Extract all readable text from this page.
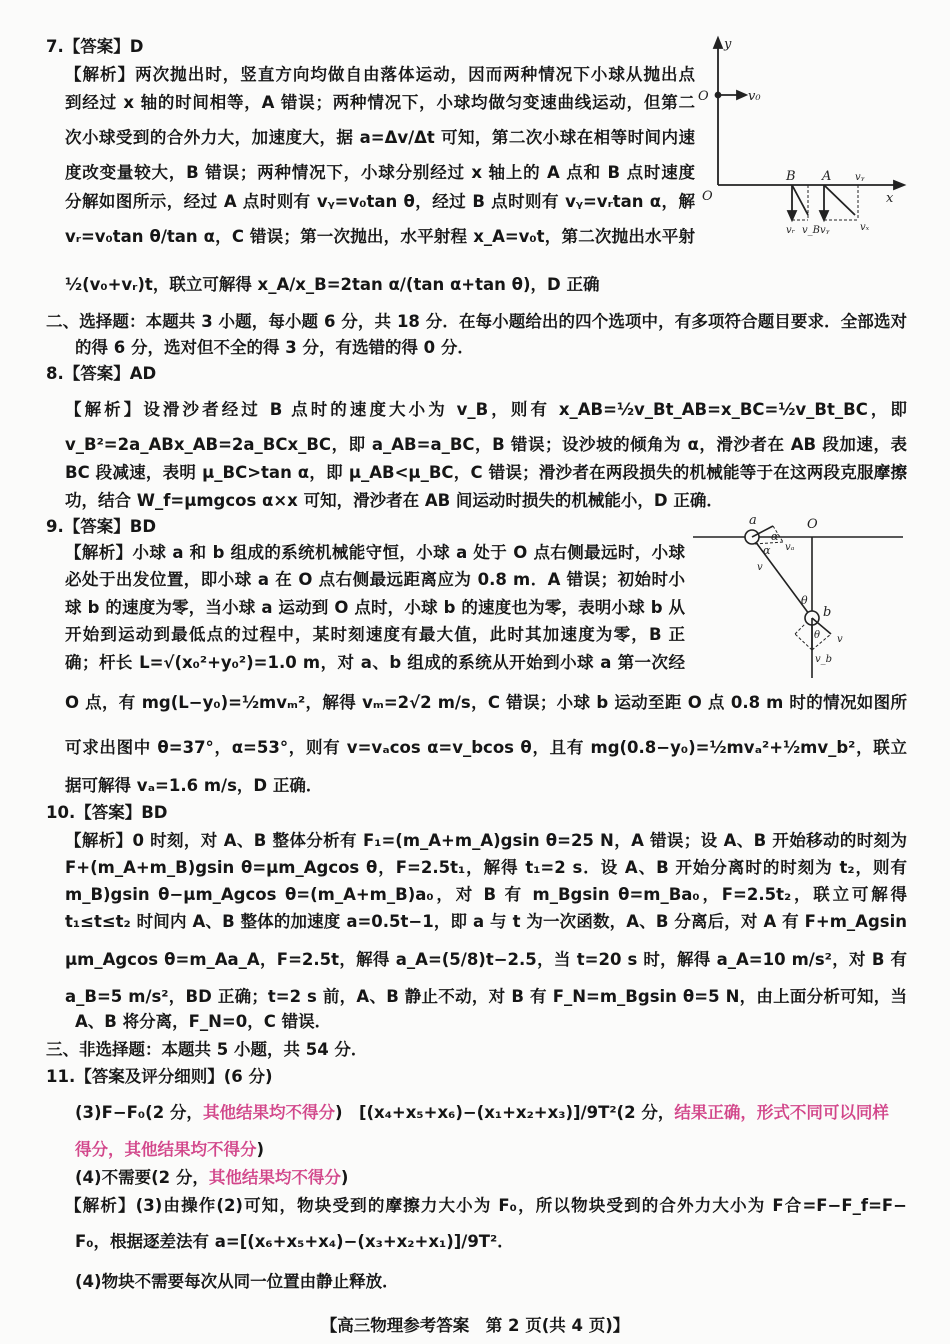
7.【答案】D
【解析】两次抛出时，竖直方向均做自由落体运动，因而两种情况下小球从抛出点
到经过 x 轴的时间相等，A 错误；两种情况下，小球均做匀变速曲线运动，但第二
次小球受到的合外力大，加速度大，据 a=Δv/Δt 可知，第二次小球在相等时间内速
度改变量较大，B 错误；两种情况下，小球分别经过 x 轴上的 A 点和 B 点时速度
分解如图所示，经过 A 点时则有 vᵧ=v₀tan θ，经过 B 点时则有 vᵧ=vᵣtan α，解
vᵣ=v₀tan θ/tan α，C 错误；第一次抛出，水平射程 x_A=v₀t，第二次抛出水平射
½(v₀+vᵣ)t，联立可解得 x_A/x_B=2tan α/(tan α+tan θ)，D 正确
y
O	v₀
O	x
B A
vᵣ v_B vᵧ
vᵧ
vₓ
二、选择题：本题共 3 小题，每小题 6 分，共 18 分．在每小题给出的四个选项中，有多项符合题目要求．全部选对
的得 6 分，选对但不全的得 3 分，有选错的得 0 分．
8.【答案】AD
【解析】设滑沙者经过 B 点时的速度大小为 v_B，则有 x_AB=½v_Bt_AB=x_BC=½v_Bt_BC，即
v_B²=2a_ABx_AB=2a_BCx_BC，即 a_AB=a_BC，B 错误；设沙坡的倾角为 α，滑沙者在 AB 段加速，表
BC 段减速，表明 μ_BC>tan α，即 μ_AB<μ_BC，C 错误；滑沙者在两段损失的机械能等于在这两段克服摩擦
功，结合 W_f=μmgcos α×x 可知，滑沙者在 AB 间运动时损失的机械能小，D 正确．
9.【答案】BD
【解析】小球 a 和 b 组成的系统机械能守恒，小球 a 处于 O 点右侧最远时，小球
必处于出发位置，即小球 a 在 O 点右侧最远距离应为 0.8 m．A 错误；初始时小
球 b 的速度为零，当小球 a 运动到 O 点时，小球 b 的速度也为零，表明小球 b 从
开始到运动到最低点的过程中，某时刻速度有最大值，此时其加速度为零，B 正
确；杆长 L=√(x₀²+y₀²)=1.0 m，对 a、b 组成的系统从开始到小球 a 第一次经
O 点，有 mg(L−y₀)=½mvₘ²，解得 vₘ=2√2 m/s，C 错误；小球 b 运动至距 O 点 0.8 m 时的情况如图所
可求出图中 θ=37°，α=53°，则有 v=vₐcos α=v_bcos θ，且有 mg(0.8−y₀)=½mvₐ²+½mv_b²，联立
据可解得 vₐ=1.6 m/s，D 正确．
a
α
vₐ
O
α
v
θ
b
θ v
v_b
10.【答案】BD
【解析】0 时刻，对 A、B 整体分析有 F₁=(m_A+m_A)gsin θ=25 N，A 错误；设 A、B 开始移动的时刻为
F+(m_A+m_B)gsin θ=μm_Agcos θ，F=2.5t₁，解得 t₁=2 s．设 A、B 开始分离时的时刻为 t₂，则有
m_B)gsin θ−μm_Agcos θ=(m_A+m_B)a₀，对 B 有 m_Bgsin θ=m_Ba₀，F=2.5t₂，联立可解得
t₁≤t≤t₂ 时间内 A、B 整体的加速度 a=0.5t−1，即 a 与 t 为一次函数，A、B 分离后，对 A 有 F+m_Agsin
μm_Agcos θ=m_Aa_A，F=2.5t，解得 a_A=(5/8)t−2.5，当 t=20 s 时，解得 a_A=10 m/s²，对 B 有
a_B=5 m/s²，BD 正确；t=2 s 前，A、B 静止不动，对 B 有 F_N=m_Bgsin θ=5 N，由上面分析可知，当
A、B 将分离，F_N=0，C 错误．
三、非选择题：本题共 5 小题，共 54 分．
11.【答案及评分细则】(6 分)
(3)F−F₀(2 分，其他结果均不得分)　[(x₄+x₅+x₆)−(x₁+x₂+x₃)]/9T²(2 分，结果正确，形式不同可以同样
得分，其他结果均不得分)
(4)不需要(2 分，其他结果均不得分)
【解析】(3)由操作(2)可知，物块受到的摩擦力大小为 F₀，所以物块受到的合外力大小为 F合=F−F_f=F−
F₀，根据逐差法有 a=[(x₆+x₅+x₄)−(x₃+x₂+x₁)]/9T²．
(4)物块不需要每次从同一位置由静止释放．
【高三物理参考答案　第 2 页(共 4 页)】
